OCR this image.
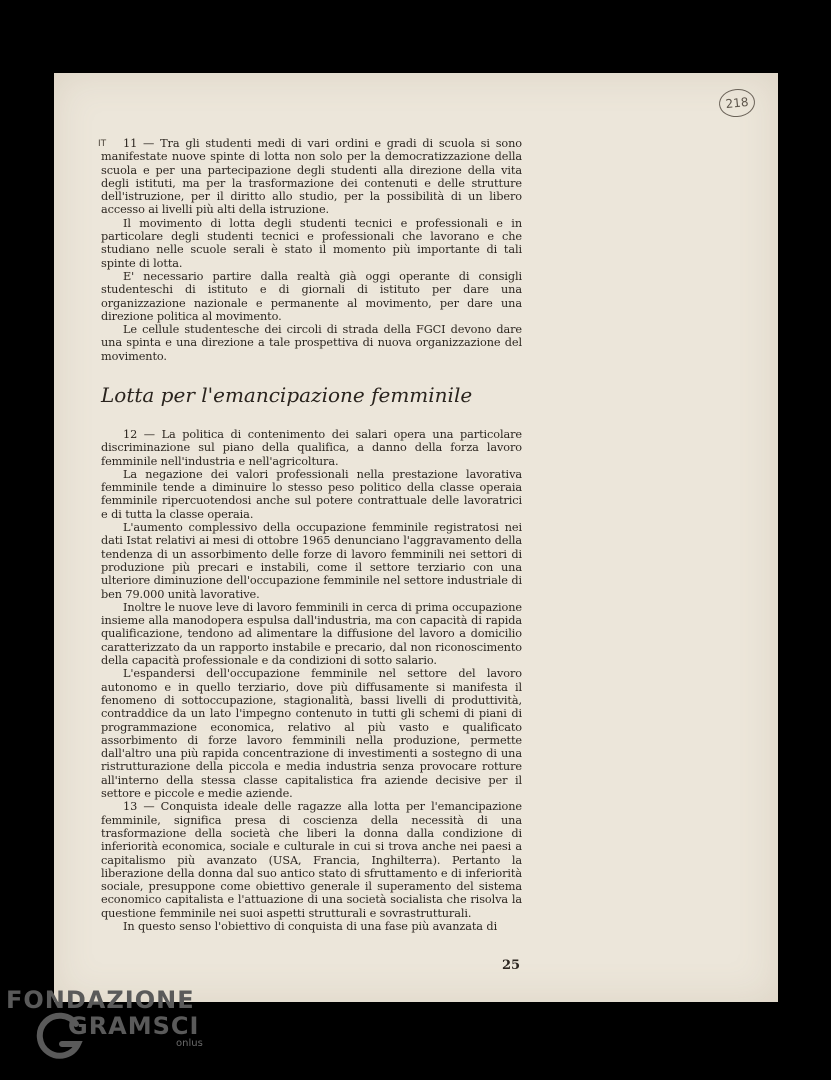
218
IT	11 — Tra gli studenti medi di vari ordini e gradi di scuola si sono manifestate nuove spinte di lotta non solo per la democratizzazione della scuola e per una partecipazione degli studenti alla direzione della vita degli istituti, ma per la trasformazione dei contenuti e delle strutture dell'istruzione, per il diritto allo studio, per la possibilità di un libero accesso ai livelli più alti della istruzione.

Il movimento di lotta degli studenti tecnici e professionali e in particolare degli studenti tecnici e professionali che lavorano e che studiano nelle scuole serali è stato il momento più importante di tali spinte di lotta.

E' necessario partire dalla realtà già oggi operante di consigli studenteschi di istituto e di giornali di istituto per dare una organizzazione nazionale e permanente al movimento, per dare una direzione politica al movimento.

Le cellule studentesche dei circoli di strada della FGCI devono dare una spinta e una direzione a tale prospettiva di nuova organizzazione del movimento.

Lotta per l'emancipazione femminile

12 — La politica di contenimento dei salari opera una particolare discriminazione sul piano della qualifica, a danno della forza lavoro femminile nell'industria e nell'agricoltura.

La negazione dei valori professionali nella prestazione lavorativa femminile tende a diminuire lo stesso peso politico della classe operaia femminile ripercuotendosi anche sul potere contrattuale delle lavoratrici e di tutta la classe operaia.

L'aumento complessivo della occupazione femminile registratosi nei dati Istat relativi ai mesi di ottobre 1965 denunciano l'aggravamento della tendenza di un assorbimento delle forze di lavoro femminili nei settori di produzione più precari e instabili, come il settore terziario con una ulteriore diminuzione dell'occupazione femminile nel settore industriale di ben 79.000 unità lavorative.

Inoltre le nuove leve di lavoro femminili in cerca di prima occupazione insieme alla manodopera espulsa dall'industria, ma con capacità di rapida qualificazione, tendono ad alimentare la diffusione del lavoro a domicilio caratterizzato da un rapporto instabile e precario, dal non riconoscimento della capacità professionale e da condizioni di sotto salario.

L'espandersi dell'occupazione femminile nel settore del lavoro autonomo e in quello terziario, dove più diffusamente si manifesta il fenomeno di sottoccupazione, stagionalità, bassi livelli di produttività, contraddice da un lato l'impegno contenuto in tutti gli schemi di piani di programmazione economica, relativo al più vasto e qualificato assorbimento di forze lavoro femminili nella produzione, permette dall'altro una più rapida concentrazione di investimenti a sostegno di una ristrutturazione della piccola e media industria senza provocare rotture all'interno della stessa classe capitalistica fra aziende decisive per il settore e piccole e medie aziende.

13 — Conquista ideale delle ragazze alla lotta per l'emancipazione femminile, significa presa di coscienza della necessità di una trasformazione della società che liberi la donna dalla condizione di inferiorità economica, sociale e culturale in cui si trova anche nei paesi a capitalismo più avanzato (USA, Francia, Inghilterra). Pertanto la liberazione della donna dal suo antico stato di sfruttamento e di inferiorità sociale, presuppone come obiettivo generale il superamento del sistema economico capitalista e l'attuazione di una società socialista che risolva la questione femminile nei suoi aspetti strutturali e sovrastrutturali.

In questo senso l'obiettivo di conquista di una fase più avanzata di

25
FONDAZIONE
GRAMSCI
onlus
